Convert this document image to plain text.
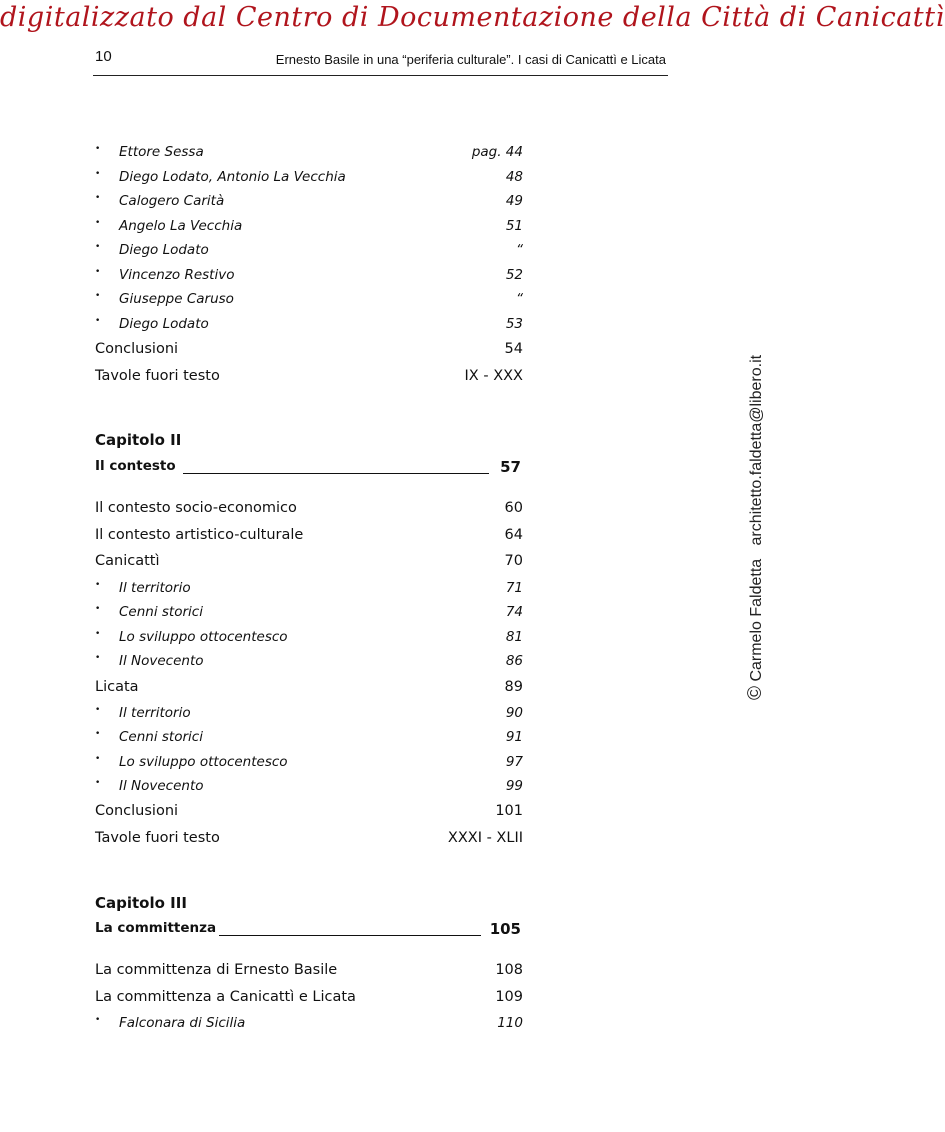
digitalizzato dal Centro di Documentazione della Città di Canicattì
10	Ernesto Basile in una “periferia culturale”. I casi di Canicattì e Licata
• Ettore Sessa	pag. 44
• Diego Lodato, Antonio La Vecchia	48
• Calogero Carità	49
• Angelo La Vecchia	51
• Diego Lodato	“
• Vincenzo Restivo	52
• Giuseppe Caruso	“
• Diego Lodato	53
Conclusioni	54
Tavole fuori testo	IX - XXX
Capitolo II
Il contesto	57
Il contesto socio-economico	60
Il contesto artistico-culturale	64
Canicattì	70
• Il territorio	71
• Cenni storici	74
• Lo sviluppo ottocentesco	81
• Il Novecento	86
Licata	89
• Il territorio	90
• Cenni storici	91
• Lo sviluppo ottocentesco	97
• Il Novecento	99
Conclusioni	101
Tavole fuori testo	XXXI - XLII
Capitolo III
La committenza	105
La committenza di Ernesto Basile	108
La committenza a Canicattì e Licata	109
• Falconara di Sicilia	110
© Carmelo Faldetta   architetto.faldetta@libero.it
